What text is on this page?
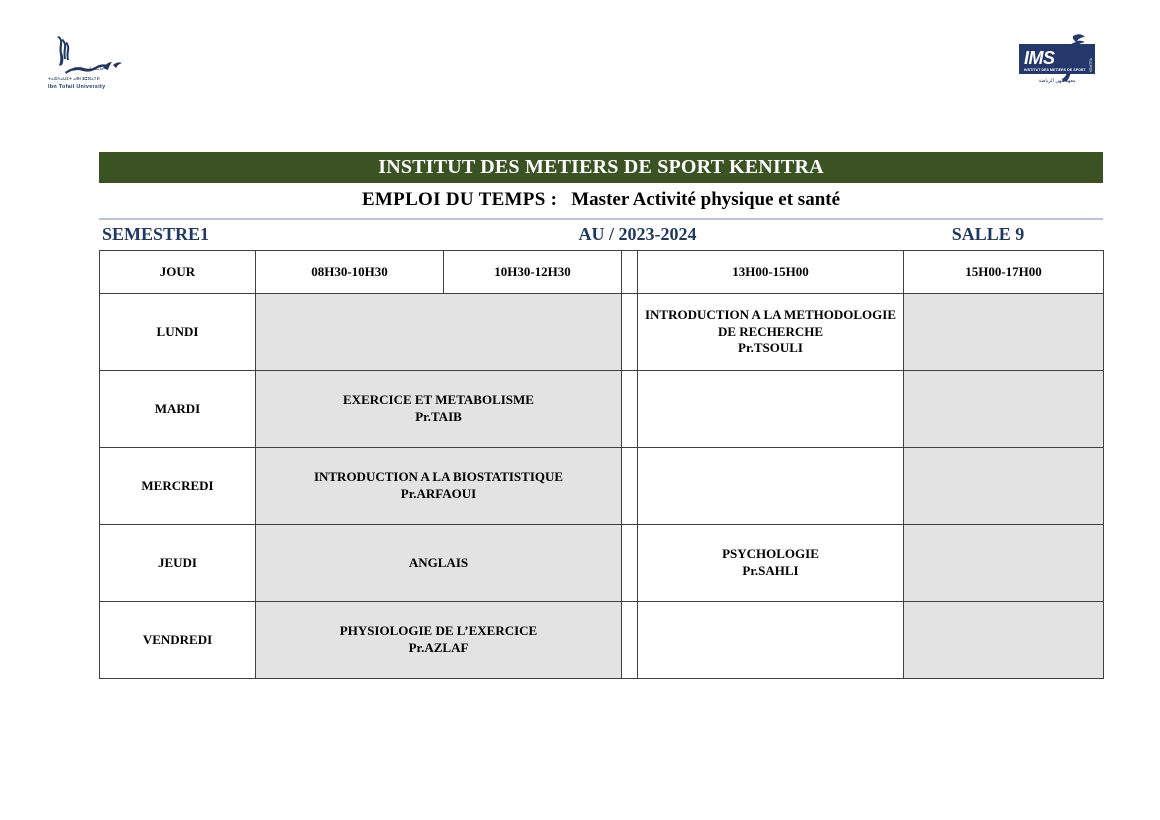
جامعة ابن طفيل
ⵜⴰⵙⴷⴰⵡⵉⵜ ⴰⴱⵏ ⵟⵓⴼⴰⵢⵍ
Ibn Tofail University
IMS
INSTITUT DES METIERS DE SPORT KENITRA
معهد مهن الرياضة
INSTITUT DES METIERS DE SPORT KENITRA
EMPLOI DU TEMPS : Master Activité physique et santé
SEMESTRE1	AU / 2023-2024	SALLE 9
JOUR	08H30-10H30	10H30-12H30		13H00-15H00	15H00-17H00
LUNDI				INTRODUCTION A LA METHODOLOGIE DE RECHERCHE
Pr.TSOULI	

MARDI	EXERCICE ET METABOLISME
Pr.TAIB				

MERCREDI	INTRODUCTION A LA BIOSTATISTIQUE
Pr.ARFAOUI				

JEUDI	ANGLAIS			PSYCHOLOGIE
Pr.SAHLI	

VENDREDI	PHYSIOLOGIE DE L’EXERCICE
Pr.AZLAF				
